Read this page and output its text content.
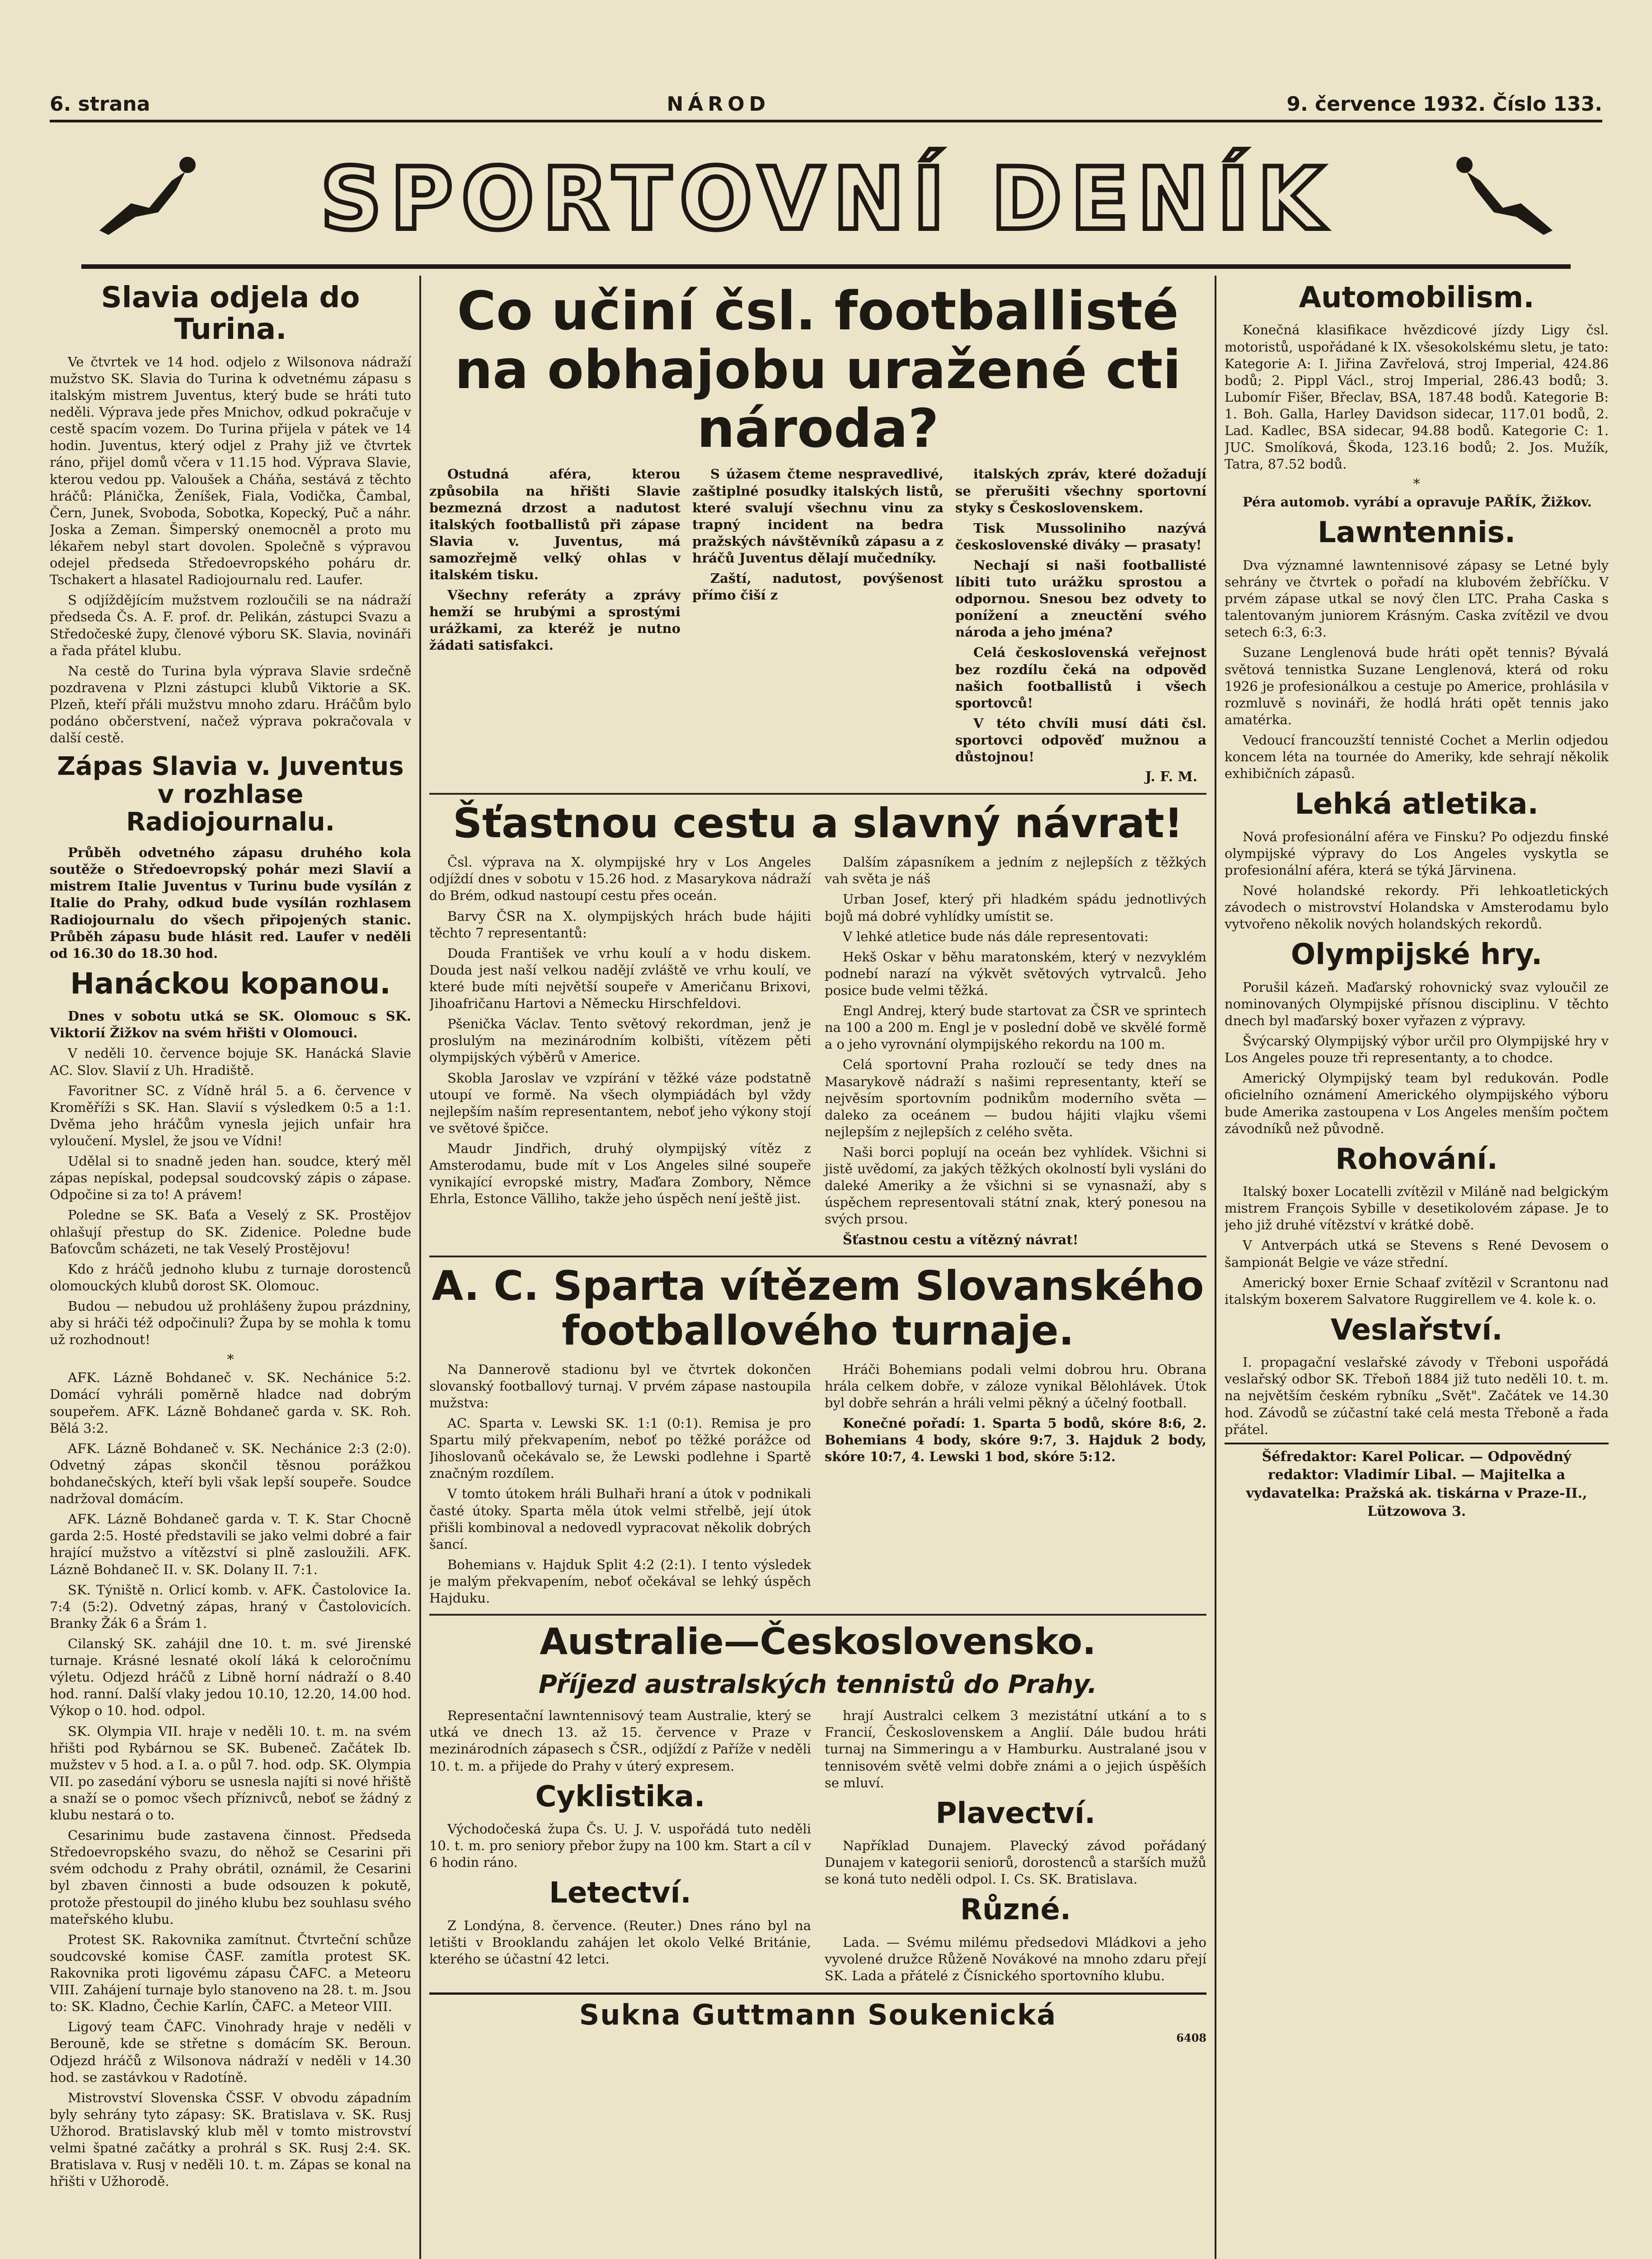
6. strana	NÁROD	9. července 1932. Číslo 133.
SPORTOVNÍ DENÍK
Slavia odjela do Turina.

Ve čtvrtek ve 14 hod. odjelo z Wilsonova nádraží mužstvo SK. Slavia do Turina k odvetnému zápasu s italským mistrem Juventus, který bude se hráti tuto neděli. Výprava jede přes Mnichov, odkud pokračuje v cestě spacím vozem. Do Turina přijela v pátek ve 14 hodin. Juventus, který odjel z Prahy již ve čtvrtek ráno, přijel domů včera v 11.15 hod. Výprava Slavie, kterou vedou pp. Valoušek a Cháňa, sestává z těchto hráčů: Plánička, Ženíšek, Fiala, Vodička, Čambal, Čern, Junek, Svoboda, Sobotka, Kopecký, Puč a náhr. Joska a Zeman. Šimperský onemocněl a proto mu lékařem nebyl start dovolen. Společně s výpravou odejel předseda Středoevropského poháru dr. Tschakert a hlasatel Radiojournalu red. Laufer.

S odjíždějícím mužstvem rozloučili se na nádraží předseda Čs. A. F. prof. dr. Pelikán, zástupci Svazu a Středočeské župy, členové výboru SK. Slavia, novináři a řada přátel klubu.

Na cestě do Turina byla výprava Slavie srdečně pozdravena v Plzni zástupci klubů Viktorie a SK. Plzeň, kteří přáli mužstvu mnoho zdaru. Hráčům bylo podáno občerstvení, načež výprava pokračovala v další cestě.

Zápas Slavia v. Juventus v rozhlase Radiojournalu.

Průběh odvetného zápasu druhého kola soutěže o Středoevropský pohár mezi Slavií a mistrem Italie Juventus v Turinu bude vysílán z Italie do Prahy, odkud bude vysílán rozhlasem Radiojournalu do všech připojených stanic. Průběh zápasu bude hlásit red. Laufer v neděli od 16.30 do 18.30 hod.

Hanáckou kopanou.

Dnes v sobotu utká se SK. Olomouc s SK. Viktorií Žižkov na svém hřišti v Olomouci.

V neděli 10. července bojuje SK. Hanácká Slavie AC. Slov. Slavií z Uh. Hradiště.

Favoritner SC. z Vídně hrál 5. a 6. července v Kroměříži s SK. Han. Slavií s výsledkem 0:5 a 1:1. Dvěma jeho hráčům vynesla jejich unfair hra vyloučení. Myslel, že jsou ve Vídni!

Udělal si to snadně jeden han. soudce, který měl zápas nepískal, podepsal soudcovský zápis o zápase. Odpočine si za to! A právem!

Poledne se SK. Baťa a Veselý z SK. Prostějov ohlašují přestup do SK. Zidenice. Poledne bude Baťovcům scházeti, ne tak Veselý Prostějovu!

Kdo z hráčů jednoho klubu z turnaje dorostenců olomouckých klubů dorost SK. Olomouc.

Budou — nebudou už prohlášeny župou prázdniny, aby si hráči též odpočinuli? Župa by se mohla k tomu už rozhodnout!

*

AFK. Lázně Bohdaneč v. SK. Nechánice 5:2. Domácí vyhráli poměrně hladce nad dobrým soupeřem. AFK. Lázně Bohdaneč garda v. SK. Roh. Bělá 3:2.

AFK. Lázně Bohdaneč v. SK. Nechánice 2:3 (2:0). Odvetný zápas skončil těsnou porážkou bohdanečských, kteří byli však lepší soupeře. Soudce nadržoval domácím.

AFK. Lázně Bohdaneč garda v. T. K. Star Chocně garda 2:5. Hosté představili se jako velmi dobré a fair hrající mužstvo a vítězství si plně zasloužili. AFK. Lázně Bohdaneč II. v. SK. Dolany II. 7:1.

SK. Týniště n. Orlicí komb. v. AFK. Častolovice Ia. 7:4 (5:2). Odvetný zápas, hraný v Častolovicích. Branky Žák 6 a Šrám 1.

Cilanský SK. zahájil dne 10. t. m. své Jirenské turnaje. Krásné lesnaté okolí láká k celoročnímu výletu. Odjezd hráčů z Libně horní nádraží o 8.40 hod. ranní. Další vlaky jedou 10.10, 12.20, 14.00 hod. Výkop o 10. hod. odpol.

SK. Olympia VII. hraje v neděli 10. t. m. na svém hřišti pod Rybárnou se SK. Bubeneč. Začátek Ib. mužstev v 5 hod. a I. a. o půl 7. hod. odp. SK. Olympia VII. po zasedání výboru se usnesla najíti si nové hřiště a snaží se o pomoc všech příznivců, neboť se žádný z klubu nestará o to.

Cesarinimu bude zastavena činnost. Předseda Středoevropského svazu, do něhož se Cesarini při svém odchodu z Prahy obrátil, oznámil, že Cesarini byl zbaven činnosti a bude odsouzen k pokutě, protože přestoupil do jiného klubu bez souhlasu svého mateřského klubu.

Protest SK. Rakovnika zamítnut. Čtvrteční schůze soudcovské komise ČASF. zamítla protest SK. Rakovnika proti ligovému zápasu ČAFC. a Meteoru VIII. Zahájení turnaje bylo stanoveno na 28. t. m. Jsou to: SK. Kladno, Čechie Karlín, ČAFC. a Meteor VIII.

Ligový team ČAFC. Vinohrady hraje v neděli v Berouně, kde se střetne s domácím SK. Beroun. Odjezd hráčů z Wilsonova nádraží v neděli v 14.30 hod. se zastávkou v Radotíně.

Mistrovství Slovenska ČSSF. V obvodu západním byly sehrány tyto zápasy: SK. Bratislava v. SK. Rusj Užhorod. Bratislavský klub měl v tomto mistrovství velmi špatné začátky a prohrál s SK. Rusj 2:4. SK. Bratislava v. Rusj v neděli 10. t. m. Zápas se konal na hřišti v Užhorodě.

Co učiní čsl. footballisté na obhajobu uražené cti národa?

Ostudná aféra, kterou způsobila na hřišti Slavie bezmezná drzost a nadutost italských footballistů při zápase Slavia v. Juventus, má samozřejmě velký ohlas v italském tisku.

Všechny referáty a zprávy hemží se hrubými a sprostými urážkami, za kteréž je nutno žádati satisfakci.

S úžasem čteme nespravedlivé, zaštiplné posudky italských listů, které svalují všechnu vinu za trapný incident na bedra pražských návštěvníků zápasu a z hráčů Juventus dělají mučedníky.

Zaští, nadutost, povýšenost přímo čiší z

italských zpráv, které dožadují se přerušiti všechny sportovní styky s Československem.

Tisk Mussoliniho nazývá československé diváky — prasaty!

Nechají si naši footballisté líbiti tuto urážku sprostou a odpornou. Snesou bez odvety to ponížení a zneuctění svého národa a jeho jména?

Celá československá veřejnost bez rozdílu čeká na odpověď našich footballistů i všech sportovců!

V této chvíli musí dáti čsl. sportovci odpověď mužnou a důstojnou!

J. F. M.
Šťastnou cestu a slavný návrat!

Čsl. výprava na X. olympijské hry v Los Angeles odjíždí dnes v sobotu v 15.26 hod. z Masarykova nádraží do Brém, odkud nastoupí cestu přes oceán.

Barvy ČSR na X. olympijských hrách bude hájiti těchto 7 representantů:

Douda František ve vrhu koulí a v hodu diskem. Douda jest naší velkou nadějí zvláště ve vrhu koulí, ve které bude míti největší soupeře v Američanu Brixovi, Jihoafričanu Hartovi a Německu Hirschfeldovi.

Pšenička Václav. Tento světový rekordman, jenž je proslulým na mezinárodním kolbišti, vítězem pěti olympijských výběrů v Americe.

Skobla Jaroslav ve vzpírání v těžké váze podstatně utoupí ve formě. Na všech olympiádách byl vždy nejlepším naším representantem, neboť jeho výkony stojí ve světové špičce.

Maudr Jindřich, druhý olympijský vítěz z Amsterodamu, bude mít v Los Angeles silné soupeře vynikající evropské mistry, Maďara Zombory, Němce Ehrla, Estonce Välliho, takže jeho úspěch není ještě jist.

Dalším zápasníkem a jedním z nejlepších z těžkých vah světa je náš

Urban Josef, který při hladkém spádu jednotlivých bojů má dobré vyhlídky umístit se.

V lehké atletice bude nás dále representovati:

Hekš Oskar v běhu maratonském, který v nezvyklém podnebí narazí na výkvět světových vytrvalců. Jeho posice bude velmi těžká.

Engl Andrej, který bude startovat za ČSR ve sprintech na 100 a 200 m. Engl je v poslední době ve skvělé formě a o jeho vyrovnání olympijského rekordu na 100 m.

Celá sportovní Praha rozloučí se tedy dnes na Masarykově nádraží s našimi representanty, kteří se nejvěsím sportovním podnikům moderního světa — daleko za oceánem — budou hájiti vlajku všemi nejlepším z nejlepších z celého světa.

Naši borci poplují na oceán bez vyhlídek. Všichni si jistě uvědomí, za jakých těžkých okolností byli vysláni do daleké Ameriky a že všichni si se vynasnaží, aby s úspěchem representovali státní znak, který ponesou na svých prsou.

Šťastnou cestu a vítězný návrat!

A. C. Sparta vítězem Slovanského footballového turnaje.

Na Dannerově stadionu byl ve čtvrtek dokončen slovanský footballový turnaj. V prvém zápase nastoupila mužstva:

AC. Sparta v. Lewski SK. 1:1 (0:1). Remisa je pro Spartu milý překvapením, neboť po těžké porážce od Jihoslovanů očekávalo se, že Lewski podlehne i Spartě značným rozdílem.

V tomto útokem hráli Bulhaři hraní a útok v podnikali časté útoky. Sparta měla útok velmi střelbě, její útok přišli kombinoval a nedovedl vypracovat několik dobrých šancí.

Bohemians v. Hajduk Split 4:2 (2:1). I tento výsledek je malým překvapením, neboť očekával se lehký úspěch Hajduku.

Hráči Bohemians podali velmi dobrou hru. Obrana hrála celkem dobře, v záloze vynikal Bělohlávek. Útok byl dobře sehrán a hráli velmi pěkný a účelný football.

Konečné pořadí: 1. Sparta 5 bodů, skóre 8:6, 2. Bohemians 4 body, skóre 9:7, 3. Hajduk 2 body, skóre 10:7, 4. Lewski 1 bod, skóre 5:12.

Australie—Československo.
Příjezd australských tennistů do Prahy.

Representační lawntennisový team Australie, který se utká ve dnech 13. až 15. července v Praze v mezinárodních zápasech s ČSR., odjíždí z Paříže v neděli 10. t. m. a přijede do Prahy v úterý expresem.

Cyklistika.

Východočeská župa Čs. U. J. V. uspořádá tuto neděli 10. t. m. pro seniory přebor župy na 100 km. Start a cíl v 6 hodin ráno.

Letectví.

Z Londýna, 8. července. (Reuter.) Dnes ráno byl na letišti v Brooklandu zahájen let okolo Velké Británie, kterého se účastní 42 letci.

hrají Australci celkem 3 mezistátní utkání a to s Francií, Československem a Anglií. Dále budou hráti turnaj na Simmeringu a v Hamburku. Australané jsou v tennisovém světě velmi dobře známi a o jejich úspěších se mluví.

Plavectví.

Například Dunajem. Plavecký závod pořádaný Dunajem v kategorii seniorů, dorostenců a starších mužů se koná tuto neděli odpol. I. Cs. SK. Bratislava.

Různé.

Lada. — Svému milému předsedovi Mládkovi a jeho vyvolené družce Růženě Novákové na mnoho zdaru přejí SK. Lada a přátelé z Čísnického sportovního klubu.

Sukna Guttmann Soukenická
6408
Automobilism.

Konečná klasifikace hvězdicové jízdy Ligy čsl. motoristů, uspořádané k IX. všesokolskému sletu, je tato: Kategorie A: I. Jiřina Zavřelová, stroj Imperial, 424.86 bodů; 2. Pippl Václ., stroj Imperial, 286.43 bodů; 3. Lubomír Fišer, Břeclav, BSA, 187.48 bodů. Kategorie B: 1. Boh. Galla, Harley Davidson sidecar, 117.01 bodů, 2. Lad. Kadlec, BSA sidecar, 94.88 bodů. Kategorie C: 1. JUC. Smolíková, Škoda, 123.16 bodů; 2. Jos. Mužík, Tatra, 87.52 bodů.

*

Péra automob. vyrábí a opravuje PAŘÍK, Žižkov.

Lawntennis.

Dva významné lawntennisové zápasy se Letné byly sehrány ve čtvrtek o pořadí na klubovém žebříčku. V prvém zápase utkal se nový člen LTC. Praha Caska s talentovaným juniorem Krásným. Caska zvítězil ve dvou setech 6:3, 6:3.

Suzane Lenglenová bude hráti opět tennis? Bývalá světová tennistka Suzane Lenglenová, která od roku 1926 je profesionálkou a cestuje po Americe, prohlásila v rozmluvě s novináři, že hodlá hráti opět tennis jako amatérka.

Vedoucí francouzští tennisté Cochet a Merlin odjedou koncem léta na tournée do Ameriky, kde sehrají několik exhibičních zápasů.

Lehká atletika.

Nová profesionální aféra ve Finsku? Po odjezdu finské olympijské výpravy do Los Angeles vyskytla se profesionální aféra, která se týká Järvinena.

Nové holandské rekordy. Při lehkoatletických závodech o mistrovství Holandska v Amsterodamu bylo vytvořeno několik nových holandských rekordů.

Olympijské hry.

Porušil kázeň. Maďarský rohovnický svaz vyloučil ze nominovaných Olympijské přísnou disciplinu. V těchto dnech byl maďarský boxer vyřazen z výpravy.

Švýcarský Olympijský výbor určil pro Olympijské hry v Los Angeles pouze tři representanty, a to chodce.

Americký Olympijský team byl redukován. Podle oficielního oznámení Amerického olympijského výboru bude Amerika zastoupena v Los Angeles menším počtem závodníků než původně.

Rohování.

Italský boxer Locatelli zvítězil v Miláně nad belgickým mistrem François Sybille v desetikolovém zápase. Je to jeho již druhé vítězství v krátké době.

V Antverpách utká se Stevens s René Devosem o šampionát Belgie ve váze střední.

Americký boxer Ernie Schaaf zvítězil v Scrantonu nad italským boxerem Salvatore Ruggirellem ve 4. kole k. o.

Veslařství.

I. propagační veslařské závody v Třeboni uspořádá veslařský odbor SK. Třeboň 1884 již tuto neděli 10. t. m. na největším českém rybníku „Svět". Začátek ve 14.30 hod. Závodů se zúčastní také celá mesta Třeboně a řada přátel.

Šéfredaktor: Karel Policar. — Odpovědný redaktor: Vladimír Libal. — Majitelka a vydavatelka: Pražská ak. tiskárna v Praze-II., Lützowova 3.
